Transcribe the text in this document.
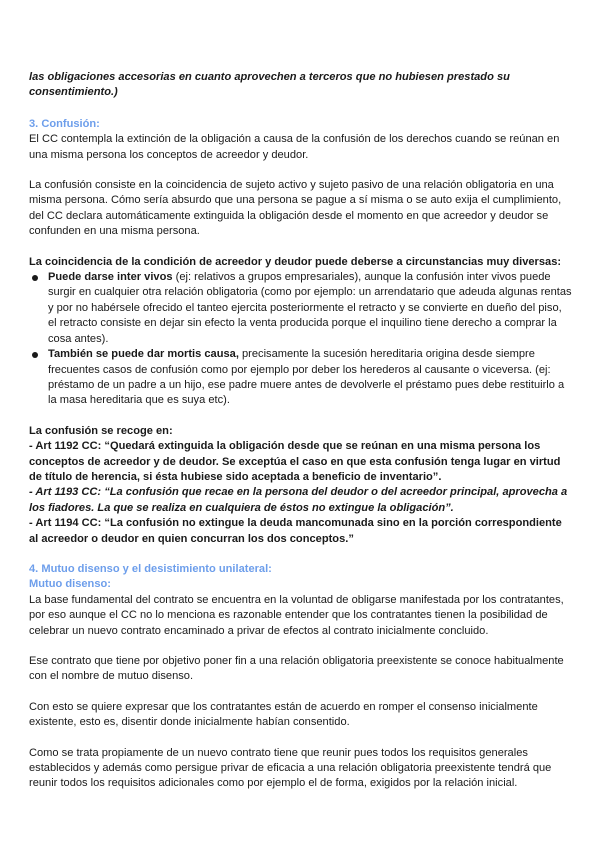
las obligaciones accesorias en cuanto aprovechen a terceros que no hubiesen prestado su consentimiento.)

3. Confusión:

El CC contempla la extinción de la obligación a causa de la confusión de los derechos cuando se reúnan en una misma persona los conceptos de acreedor y deudor.

La confusión consiste en la coincidencia de sujeto activo y sujeto pasivo de una relación obligatoria en una misma persona. Cómo sería absurdo que una persona se pague a sí misma o se auto exija el cumplimiento, del CC declara automáticamente extinguida la obligación desde el momento en que acreedor y deudor se confunden en una misma persona.

La coincidencia de la condición de acreedor y deudor puede deberse a circunstancias muy diversas:

Puede darse inter vivos (ej: relativos a grupos empresariales), aunque la confusión inter vivos puede surgir en cualquier otra relación obligatoria (como por ejemplo: un arrendatario que adeuda algunas rentas y por no habérsele ofrecido el tanteo ejercita posteriormente el retracto y se convierte en dueño del piso, el retracto consiste en dejar sin efecto la venta producida porque el inquilino tiene derecho a comprar la cosa antes).
También se puede dar mortis causa, precisamente la sucesión hereditaria origina desde siempre frecuentes casos de confusión como por ejemplo por deber los herederos al causante o viceversa. (ej: préstamo de un padre a un hijo, ese padre muere antes de devolverle el préstamo pues debe restituirlo a la masa hereditaria que es suya etc).

La confusión se recoge en:

- Art 1192 CC: “Quedará extinguida la obligación desde que se reúnan en una misma persona los conceptos de acreedor y de deudor. Se exceptúa el caso en que esta confusión tenga lugar en virtud de título de herencia, si ésta hubiese sido aceptada a beneficio de inventario”.

- Art 1193 CC: “La confusión que recae en la persona del deudor o del acreedor principal, aprovecha a los fiadores. La que se realiza en cualquiera de éstos no extingue la obligación”.

- Art 1194 CC: “La confusión no extingue la deuda mancomunada sino en la porción correspondiente al acreedor o deudor en quien concurran los dos conceptos.”

4. Mutuo disenso y el desistimiento unilateral:

Mutuo disenso:

La base fundamental del contrato se encuentra en la voluntad de obligarse manifestada por los contratantes, por eso aunque el CC no lo menciona es razonable entender que los contratantes tienen la posibilidad de celebrar un nuevo contrato encaminado a privar de efectos al contrato inicialmente concluido.

Ese contrato que tiene por objetivo poner fin a una relación obligatoria preexistente se conoce habitualmente con el nombre de mutuo disenso.

Con esto se quiere expresar que los contratantes están de acuerdo en romper el consenso inicialmente existente, esto es, disentir donde inicialmente habían consentido.

Como se trata propiamente de un nuevo contrato tiene que reunir pues todos los requisitos generales establecidos y además como persigue privar de eficacia a una relación obligatoria preexistente tendrá que reunir todos los requisitos adicionales como por ejemplo el de forma, exigidos por la relación inicial.
